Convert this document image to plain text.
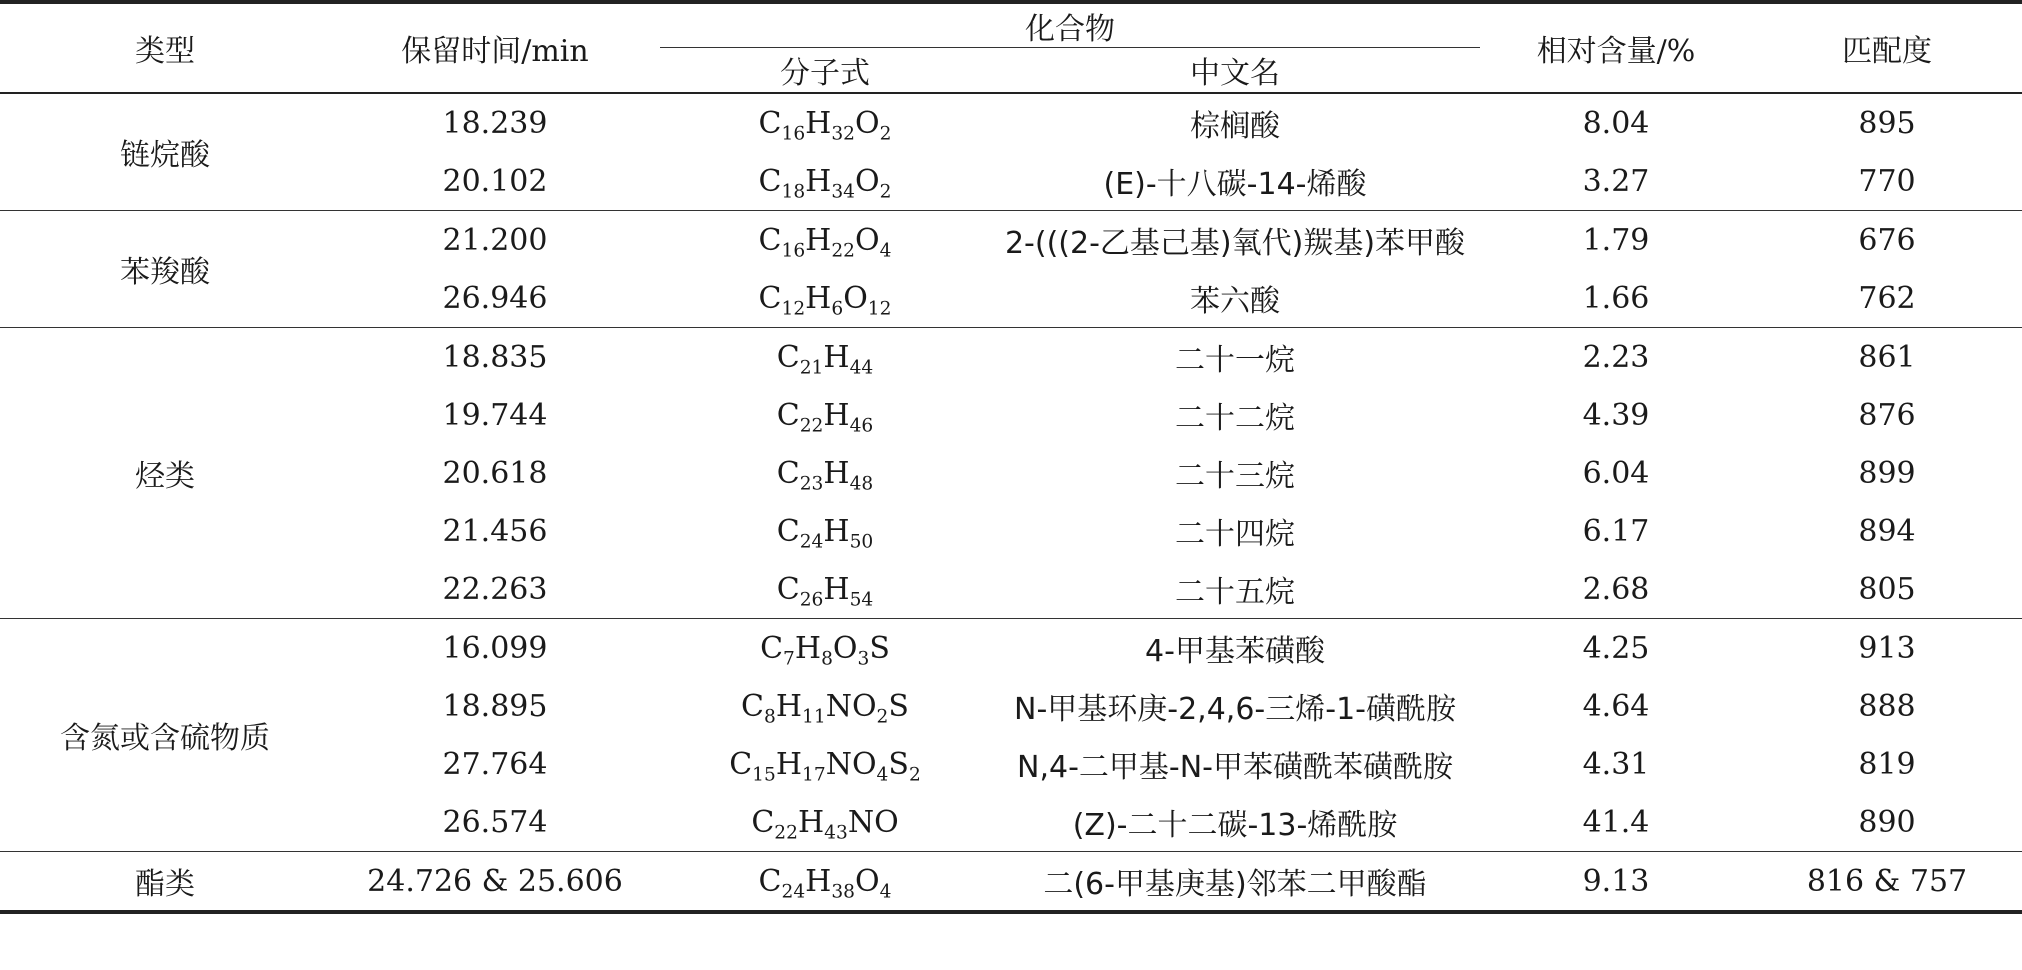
类型	保留时间/min	化合物		相对含量/%	匹配度
		分子式	中文名		
链烷酸	18.239	$C_{16}H_{32}O_2$	棕榈酸	8.04	895
	20.102	$C_{18}H_{34}O_2$	(E)-十八碳-14-烯酸	3.27	770
苯羧酸	21.200	$C_{16}H_{22}O_4$	2-(((2-乙基己基)氧代)羰基)苯甲酸	1.79	676
	26.946	$C_{12}H_6O_{12}$	苯六酸	1.66	762
烃类	18.835	$C_{21}H_{44}$	二十一烷	2.23	861
	19.744	$C_{22}H_{46}$	二十二烷	4.39	876
	20.618	$C_{23}H_{48}$	二十三烷	6.04	899
	21.456	$C_{24}H_{50}$	二十四烷	6.17	894
	22.263	$C_{26}H_{54}$	二十五烷	2.68	805
含氮或含硫物质	16.099	$C_7H_8O_3S$	4-甲基苯磺酸	4.25	913
	18.895	$C_8H_{11}NO_2S$	N-甲基环庚-2,4,6-三烯-1-磺酰胺	4.64	888
	27.764	$C_{15}H_{17}NO_4S_2$	N,4-二甲基-N-甲苯磺酰苯磺酰胺	4.31	819
	26.574	$C_{22}H_{43}NO$	(Z)-二十二碳-13-烯酰胺	41.4	890
酯类	24.726 & 25.606	$C_{24}H_{38}O_4$	二(6-甲基庚基)邻苯二甲酸酯	9.13	816 & 757
